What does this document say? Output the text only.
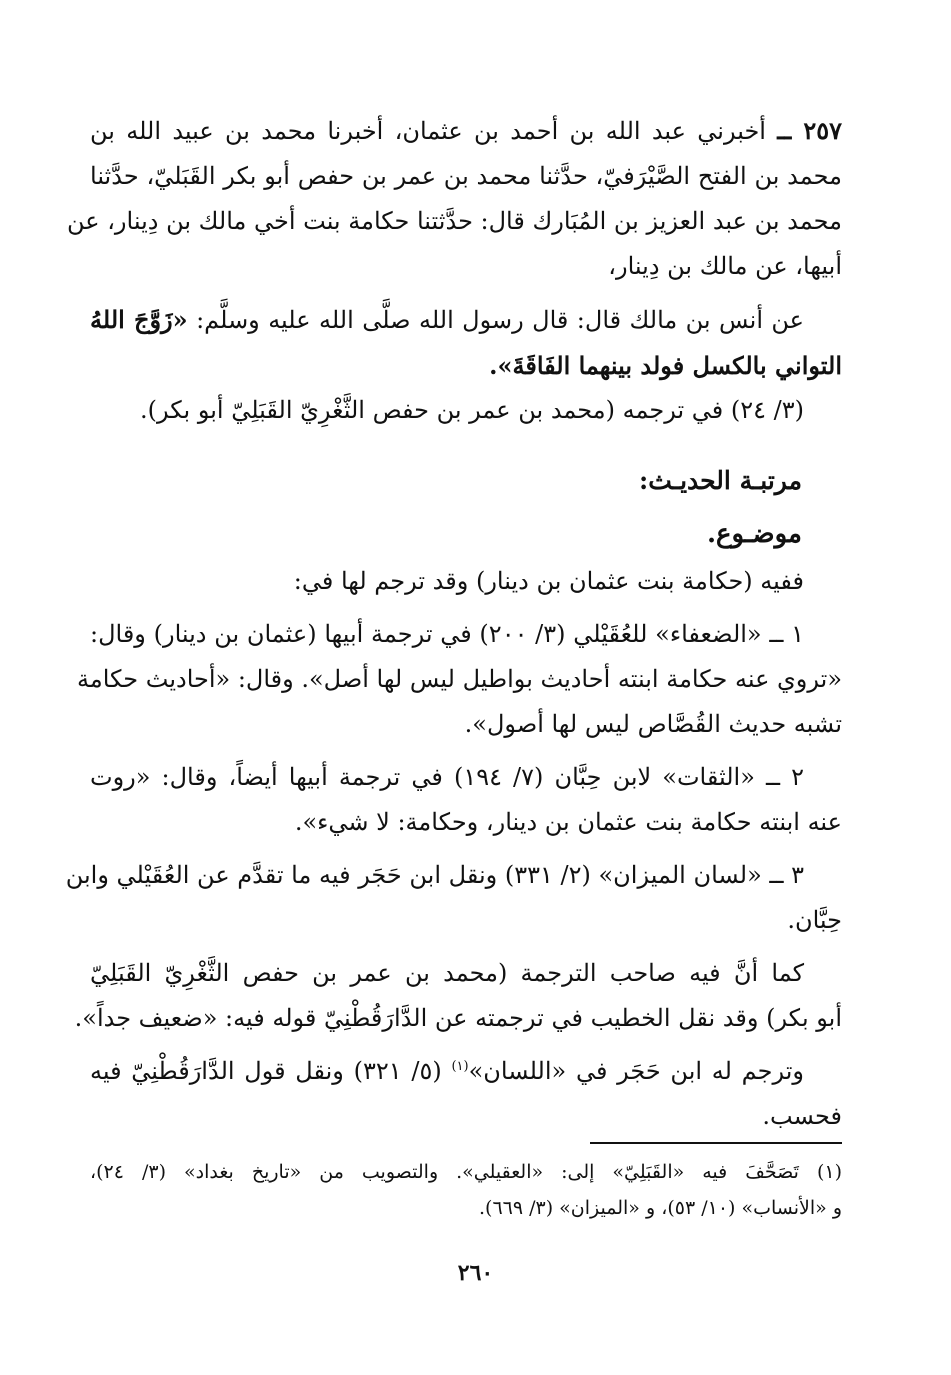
٢٥٧ ــ أخبرني عبد الله بن أحمد بن عثمان، أخبرنا محمد بن عبيد الله بن
محمد بن الفتح الصَّيْرَفيّ، حدَّثنا محمد بن عمر بن حفص أبو بكر القَبَليّ، حدَّثنا
محمد بن عبد العزيز بن المُبَارك قال: حدَّثتنا حكامة بنت أخي مالك بن دِينار، عن
أبيها، عن مالك بن دِينار،
عن أنس بن مالك قال: قال رسول الله صلَّى الله عليه وسلَّم: «زَوَّجَ اللهُ
التواني بالكسل فولد بينهما الفَاقَةَ».
(٣/ ٢٤) في ترجمه (محمد بن عمر بن حفص الثَّغْرِيّ القَبَلِيّ أبو بكر).
مرتبـة الحديـث:
موضـوع.
ففيه (حكامة بنت عثمان بن دينار) وقد ترجم لها في:
١ ــ «الضعفاء» للعُقَيْلي (٣/ ٢٠٠) في ترجمة أبيها (عثمان بن دينار) وقال:
«تروي عنه حكامة ابنته أحاديث بواطيل ليس لها أصل». وقال: «أحاديث حكامة
تشبه حديث القُصَّاص ليس لها أصول».
٢ ــ «الثقات» لابن حِبَّان (٧/ ١٩٤) في ترجمة أبيها أيضاً، وقال: «روت
عنه ابنته حكامة بنت عثمان بن دينار، وحكامة: لا شيء».
٣ ــ «لسان الميزان» (٢/ ٣٣١) ونقل ابن حَجَر فيه ما تقدَّم عن العُقَيْلي وابن
حِبَّان.
كما أنَّ فيه صاحب الترجمة (محمد بن عمر بن حفص الثَّغْرِيّ القَبَلِيّ
أبو بكر) وقد نقل الخطيب في ترجمته عن الدَّارَقُطْنِيّ قوله فيه: «ضعيف جداً».
وترجم له ابن حَجَر في «اللسان»$^{(١)}$ (٥/ ٣٢١) ونقل قول الدَّارَقُطْنِيّ فيه
فحسب.
(١) تَصَحَّفَ فيه «القَبَلِيّ» إلى: «العقيلي». والتصويب من «تاريخ بغداد» (٣/ ٢٤)،
و «الأنساب» (١٠/ ٥٣)، و «الميزان» (٣/ ٦٦٩).
٢٦٠
